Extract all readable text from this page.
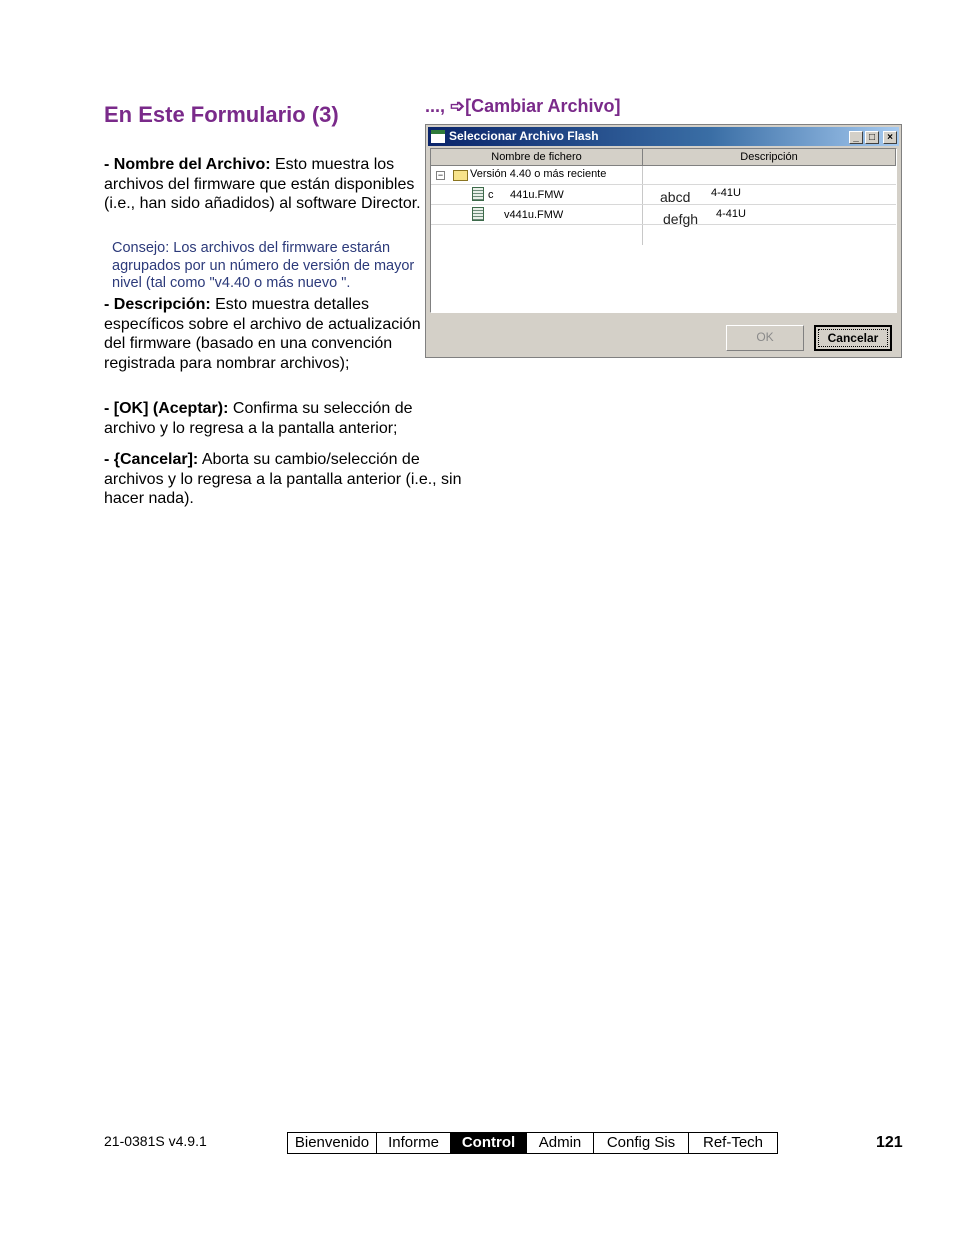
En Este Formulario (3)	..., ➩[Cambiar Archivo]
- Nombre del Archivo: Esto muestra los archivos del firmware que están disponibles (i.e., han sido añadidos) al software Director.
Consejo: Los archivos del firmware estarán agrupados por un número de versión de mayor nivel (tal como "v4.40 o más nuevo ".
- Descripción: Esto muestra detalles específicos sobre el archivo de actualización del firmware (basado en una convención registrada para nombrar archivos);
- [OK] (Aceptar): Confirma su selección de archivo y lo regresa a la pantalla anterior;
- {Cancelar]: Aborta su cambio/selección de archivos y lo regresa a la pantalla anterior (i.e., sin hacer nada).
Seleccionar Archivo Flash	_	□	×
Nombre de fichero	Descripción
− Versión 4.40 o más reciente
c 441u.FMW	abcd 4-41U
v441u.FMW	defgh 4-41U
OK	Cancelar
21-0381S v4.9.1	Bienvenido	Informe	Control	Admin	Config Sis	Ref-Tech	121
